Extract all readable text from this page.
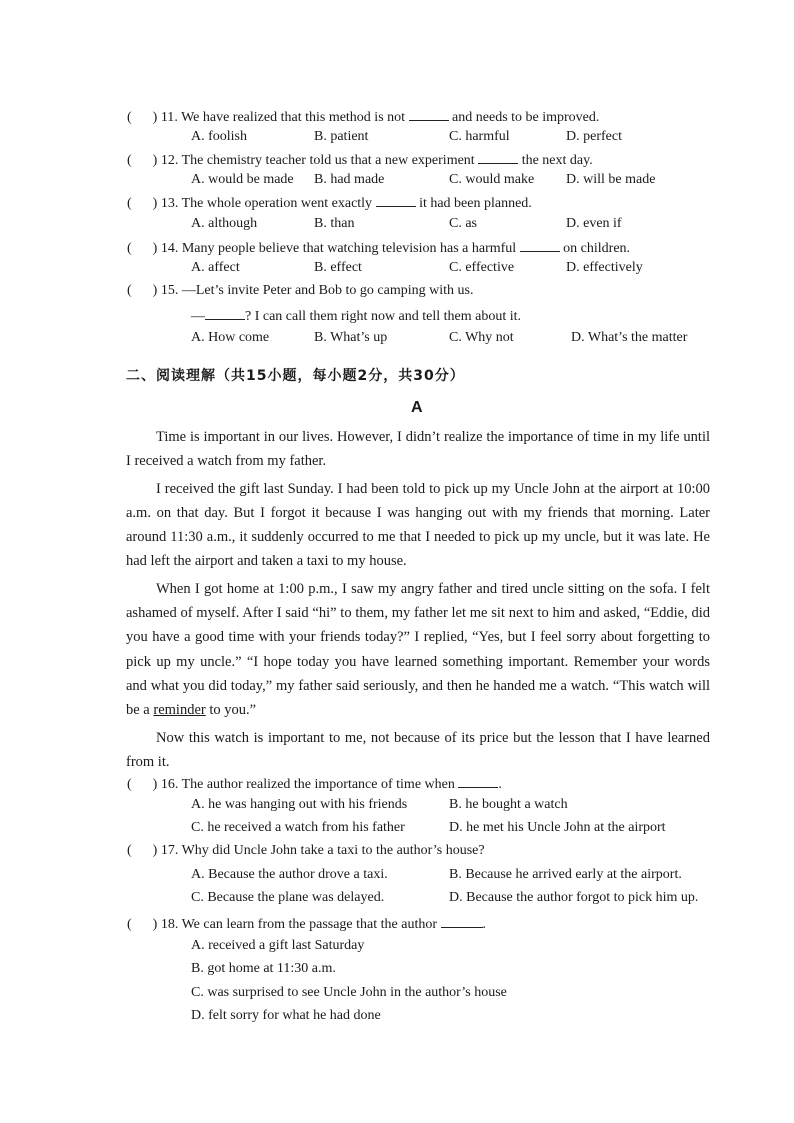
(      ) 11. We have realized that this method is not	and needs to be improved.
A. foolish	B. patient	C. harmful	D. perfect
(      ) 12. The chemistry teacher told us that a new experiment	the next day.
A. would be made B. had made	C. would make D. will be made
(      ) 13. The whole operation went exactly	it had been planned.
A. although	B. than	C. as	D. even if
(      ) 14. Many people believe that watching television has a harmful	on children.
A. affect	B. effect	C. effective	D. effectively
(      ) 15. —Let’s invite Peter and Bob to go camping with us.
—	? I can call them right now and tell them about it.
A. How come	B. What’s up	C. Why not	D. What’s the matter
二、阅读理解（共15小题，每小题2分，共30分）
A

Time is important in our lives. However, I didn’t realize the importance of time in my life until I received a watch from my father.

I received the gift last Sunday. I had been told to pick up my Uncle John at the airport at 10:00 a.m. on that day. But I forgot it because I was hanging out with my friends that morning. Later around 11:30 a.m., it suddenly occurred to me that I needed to pick up my uncle, but it was late. He had left the airport and taken a taxi to my house.

When I got home at 1:00 p.m., I saw my angry father and tired uncle sitting on the sofa. I felt ashamed of myself. After I said “hi” to them, my father let me sit next to him and asked, “Eddie, did you have a good time with your friends today?” I replied, “Yes, but I feel sorry about forgetting to pick up my uncle.” “I hope today you have learned something important. Remember your words and what you did today,” my father said seriously, and then he handed me a watch. “This watch will be a reminder to you.”

Now this watch is important to me, not because of its price but the lesson that I have learned from it.

(      ) 16. The author realized the importance of time when	.
A. he was hanging out with his friends	B. he bought a watch
C. he received a watch from his father	D. he met his Uncle John at the airport
(      ) 17. Why did Uncle John take a taxi to the author’s house?
A. Because the author drove a taxi.	B. Because he arrived early at the airport.
C. Because the plane was delayed.	D. Because the author forgot to pick him up.
(      ) 18. We can learn from the passage that the author	.
A. received a gift last Saturday
B. got home at 11:30 a.m.
C. was surprised to see Uncle John in the author’s house
D. felt sorry for what he had done
